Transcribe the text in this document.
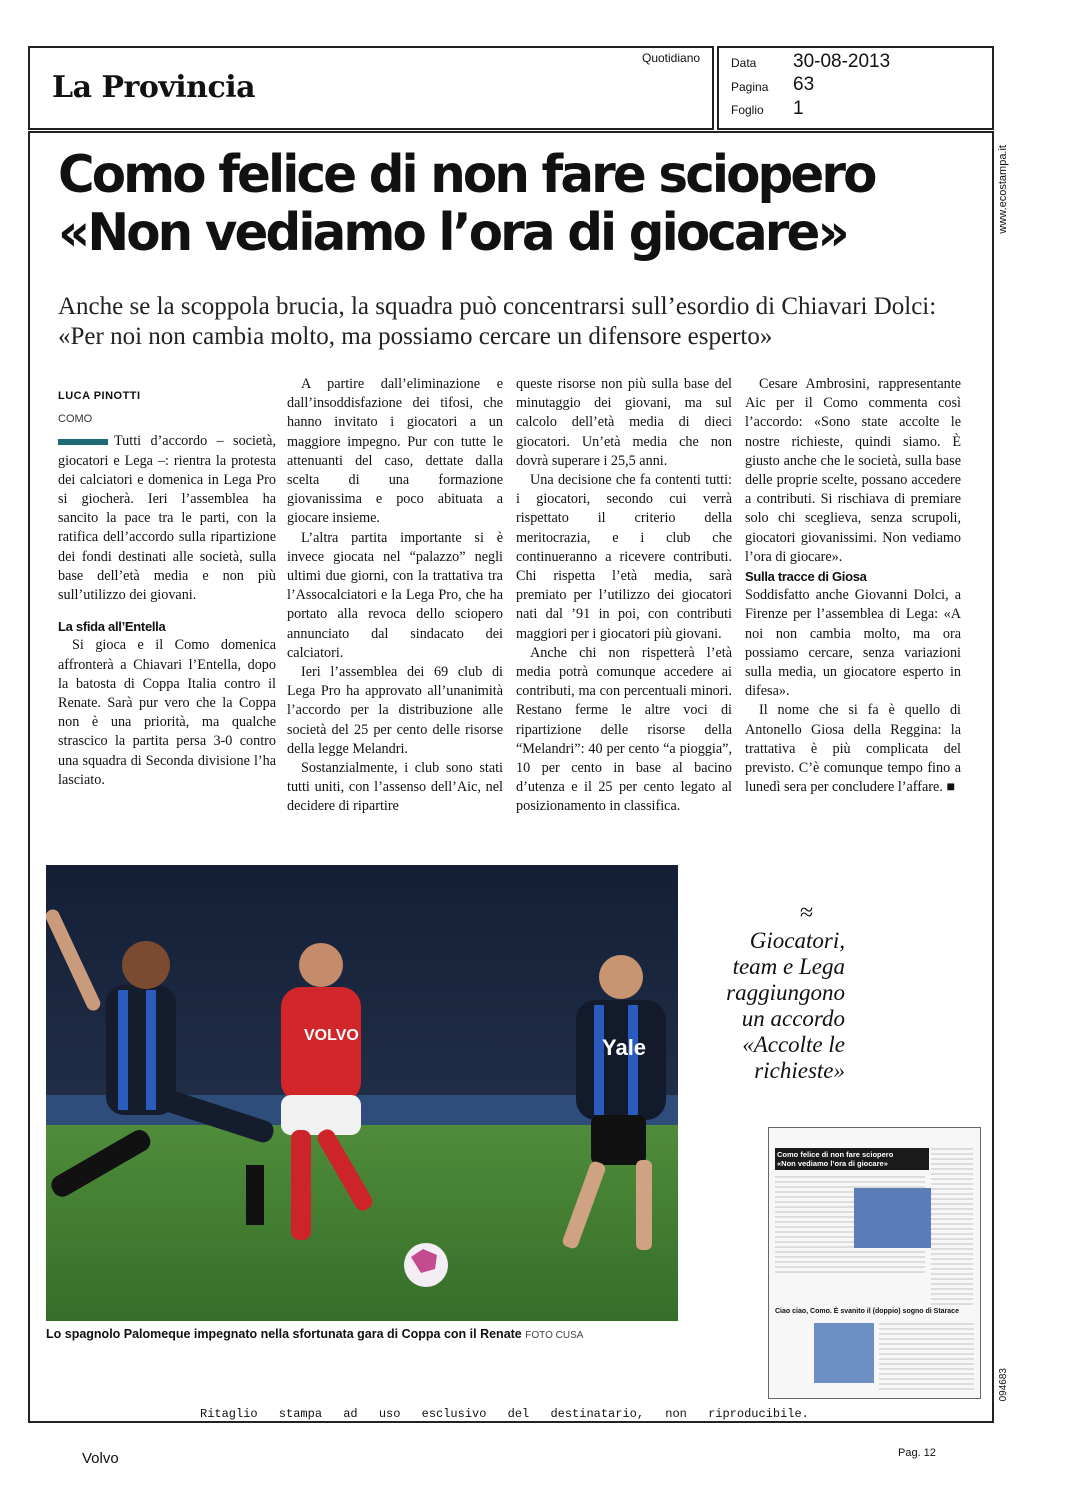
La Provincia
Quotidiano	Data 30-08-2013
Pagina 63
Foglio 1
www.ecostampa.it
094683
Como felice di non fare sciopero
«Non vediamo l’ora di giocare»
Anche se la scoppola brucia, la squadra può concentrarsi sull’esordio di Chiavari Dolci: «Per noi non cambia molto, ma possiamo cercare un difensore esperto»
LUCA PINOTTI
COMO

Tutti d’accordo – società, giocatori e Lega –: rientra la protesta dei calciatori e domenica in Lega Pro si giocherà. Ieri l’assemblea ha sancito la pace tra le parti, con la ratifica dell’accordo sulla ripartizione dei fondi destinati alle società, sulla base dell’età media e non più sull’utilizzo dei giovani.

La sfida all’Entella

Si gioca e il Como domenica affronterà a Chiavari l’Entella, dopo la batosta di Coppa Italia contro il Renate. Sarà pur vero che la Coppa non è una priorità, ma qualche strascico la partita persa 3-0 contro una squadra di Seconda divisione l’ha lasciato.

A partire dall’eliminazione e dall’insoddisfazione dei tifosi, che hanno invitato i giocatori a un maggiore impegno. Pur con tutte le attenuanti del caso, dettate dalla scelta di una formazione giovanissima e poco abituata a giocare insieme.

L’altra partita importante si è invece giocata nel “palazzo” negli ultimi due giorni, con la trattativa tra l’Assocalciatori e la Lega Pro, che ha portato alla revoca dello sciopero annunciato dal sindacato dei calciatori.

Ieri l’assemblea dei 69 club di Lega Pro ha approvato all’unanimità l’accordo per la distribuzione alle società del 25 per cento delle risorse della legge Melandri.

Sostanzialmente, i club sono stati tutti uniti, con l’assenso dell’Aic, nel decidere di ripartire

queste risorse non più sulla base del minutaggio dei giovani, ma sul calcolo dell’età media di dieci giocatori. Un’età media che non dovrà superare i 25,5 anni.

Una decisione che fa contenti tutti: i giocatori, secondo cui verrà rispettato il criterio della meritocrazia, e i club che continueranno a ricevere contributi. Chi rispetta l’età media, sarà premiato per l’utilizzo dei giocatori nati dal ’91 in poi, con contributi maggiori per i giocatori più giovani.

Anche chi non rispetterà l’età media potrà comunque accedere ai contributi, ma con percentuali minori. Restano ferme le altre voci di ripartizione delle risorse della “Melandri”: 40 per cento “a pioggia”, 10 per cento in base al bacino d’utenza e il 25 per cento legato al posizionamento in classifica.

Cesare Ambrosini, rappresentante Aic per il Como commenta così l’accordo: «Sono state accolte le nostre richieste, quindi siamo. È giusto anche che le società, sulla base delle proprie scelte, possano accedere a contributi. Si rischiava di premiare solo chi sceglieva, senza scrupoli, giocatori giovanissimi. Non vediamo l’ora di giocare».

Sulla tracce di Giosa

Soddisfatto anche Giovanni Dolci, a Firenze per l’assemblea di Lega: «A noi non cambia molto, ma ora possiamo cercare, senza variazioni sulla media, un giocatore esperto in difesa».

Il nome che si fa è quello di Antonello Giosa della Reggina: la trattativa è più complicata del previsto. C’è comunque tempo fino a lunedì sera per concludere l’affare. ■

VOLVO	Yale
Lo spagnolo Palomeque impegnato nella sfortunata gara di Coppa con il Renate FOTO CUSA
≈
Giocatori, team e Lega raggiungono un accordo «Accolte le richieste»
Como felice di non fare sciopero
«Non vediamo l’ora di giocare»
Ciao ciao, Como. È svanito il (doppio) sogno di Starace
Ritaglio stampa ad uso esclusivo del destinatario, non riproducibile.
Volvo	Pag. 12
